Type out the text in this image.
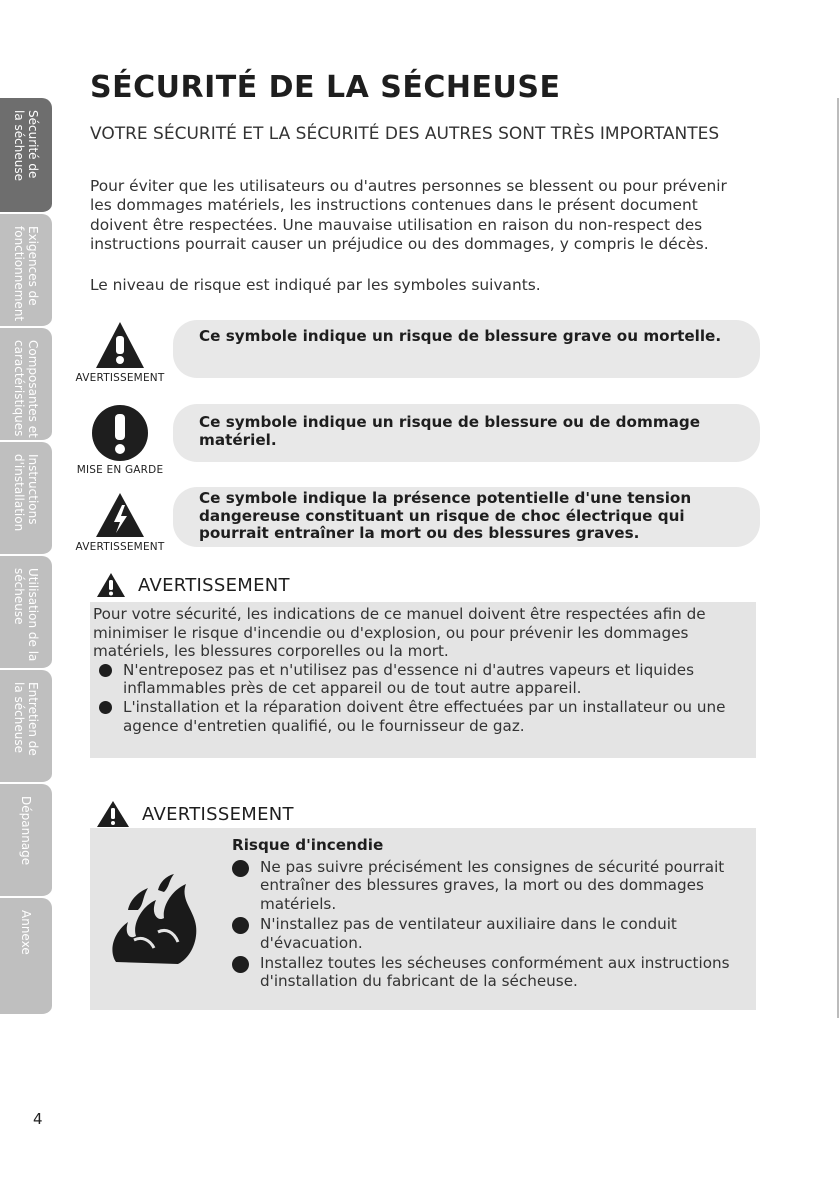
Sécurité de
la sécheuse
Exigences de
fonctionnement
Composantes et
caractéristiques
Instructions
d'installation
Utilisation de la
sécheuse
Entretien de
la sécheuse
Dépannage
Annexe
SÉCURITÉ DE LA SÉCHEUSE

VOTRE SÉCURITÉ ET LA SÉCURITÉ DES AUTRES SONT TRÈS IMPORTANTES

Pour éviter que les utilisateurs ou d'autres personnes se blessent ou pour prévenir les dommages matériels, les instructions contenues dans le présent document doivent être respectées. Une mauvaise utilisation en raison du non-respect des instructions pourrait causer un préjudice ou des dommages, y compris le décès.

Le niveau de risque est indiqué par les symboles suivants.

AVERTISSEMENT
Ce symbole indique un risque de blessure grave ou mortelle.
MISE EN GARDE
Ce symbole indique un risque de blessure ou de dommage matériel.
AVERTISSEMENT
Ce symbole indique la présence potentielle d'une tension dangereuse constituant un risque de choc électrique qui pourrait entraîner la mort ou des blessures graves.
AVERTISSEMENT

Pour votre sécurité, les indications de ce manuel doivent être respectées afin de minimiser le risque d'incendie ou d'explosion, ou pour prévenir les dommages matériels, les blessures corporelles ou la mort.

N'entreposez pas et n'utilisez pas d'essence ni d'autres vapeurs et liquides inflammables près de cet appareil ou de tout autre appareil.
L'installation et la réparation doivent être effectuées par un installateur ou une agence d'entretien qualifié, ou le fournisseur de gaz.
AVERTISSEMENT
Risque d'incendie
Ne pas suivre précisément les consignes de sécurité pourrait entraîner des blessures graves, la mort ou des dommages matériels.
N'installez pas de ventilateur auxiliaire dans le conduit d'évacuation.
Installez toutes les sécheuses conformément aux instructions d'installation du fabricant de la sécheuse.
4
